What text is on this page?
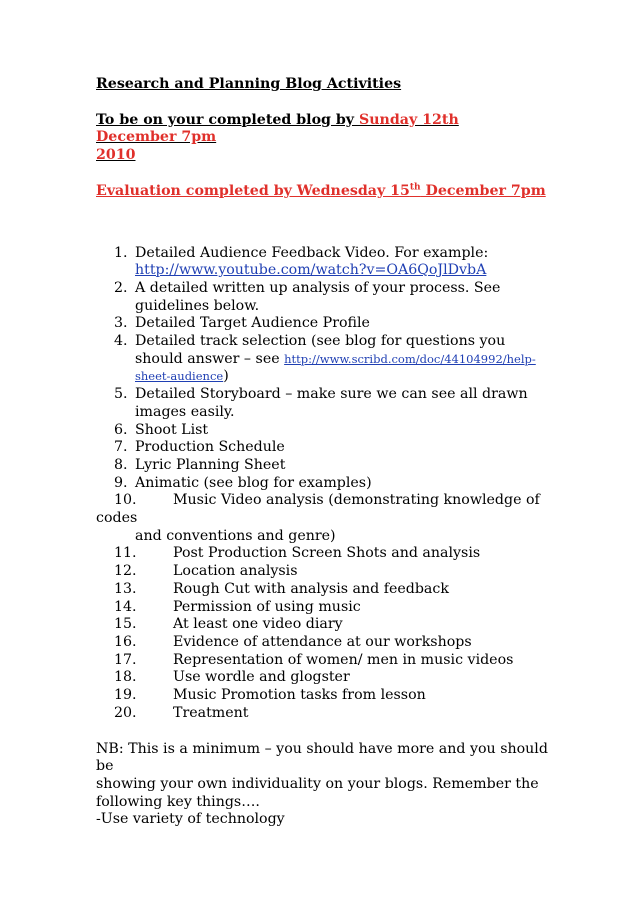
Research and Planning Blog Activities

To be on your completed blog by Sunday 12th December 7pm
2010

Evaluation completed by Wednesday 15th December 7pm

1. Detailed Audience Feedback Video. For example:
http://www.youtube.com/watch?v=OA6QoJlDvbA
2. A detailed written up analysis of your process. See guidelines below.
3. Detailed Target Audience Profile
4. Detailed track selection (see blog for questions you should answer – see http://www.scribd.com/doc/44104992/help-sheet-audience)
5. Detailed Storyboard – make sure we can see all drawn images easily.
6. Shoot List
7. Production Schedule
8. Lyric Planning Sheet
9. Animatic (see blog for examples)
10.	Music Video analysis (demonstrating knowledge of codes
and conventions and genre)
11.	Post Production Screen Shots and analysis
12.	Location analysis
13.	Rough Cut with analysis and feedback
14.	Permission of using music
15.	At least one video diary
16.	Evidence of attendance at our workshops
17.	Representation of women/ men in music videos
18.	Use wordle and glogster
19.	Music Promotion tasks from lesson
20.	Treatment

NB: This is a minimum – you should have more and you should be
showing your own individuality on your blogs. Remember the
following key things….
-Use variety of technology
